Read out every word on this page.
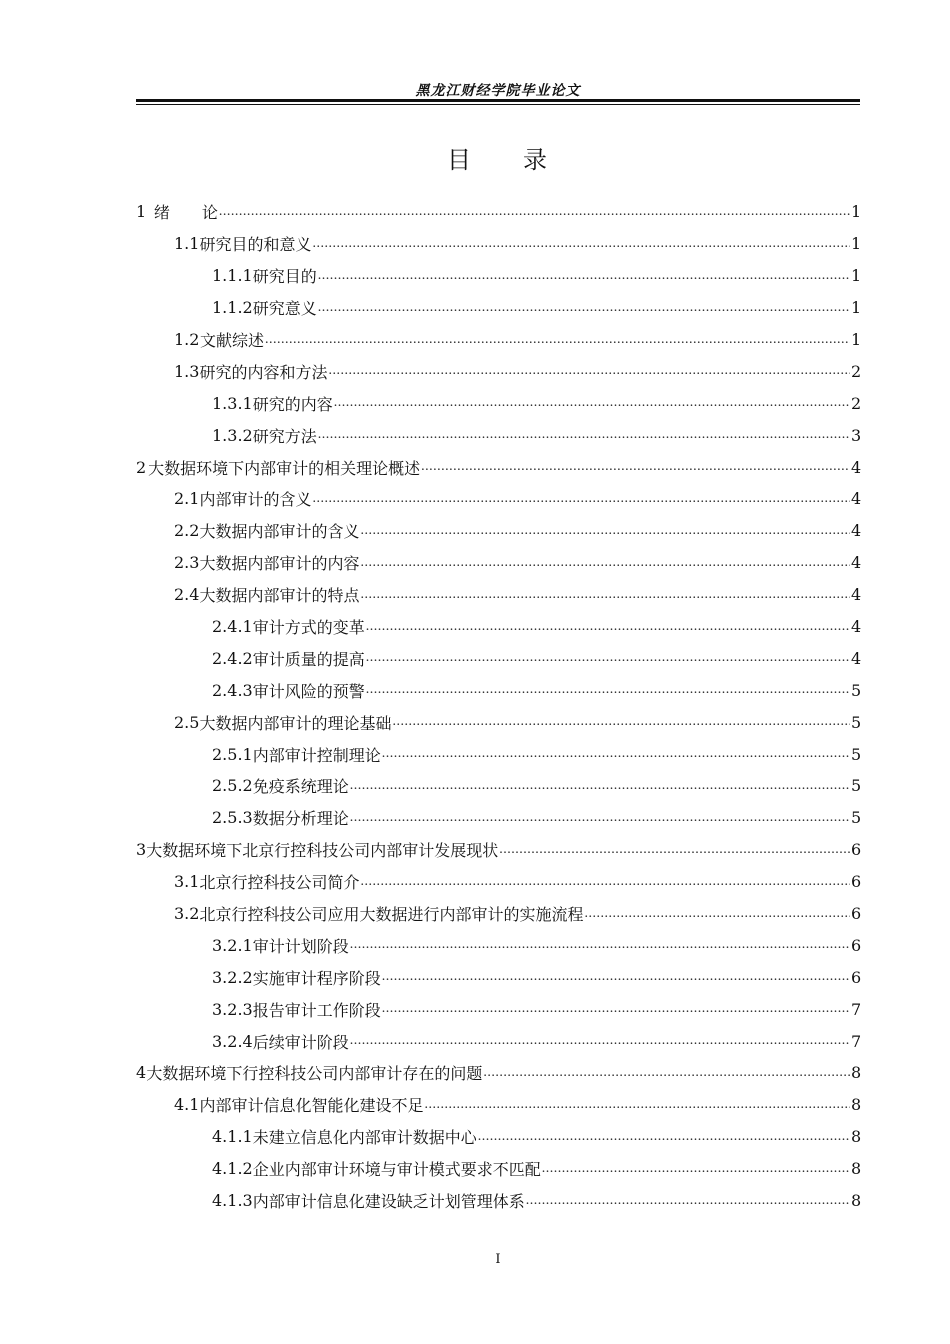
黑龙江财经学院毕业论文
目 录
1 绪　　论 .....	1
1.1 研究目的和意义 .....	1
1.1.1 研究目的 .....	1
1.1.2 研究意义 .....	1
1.2 文献综述 .....	1
1.3 研究的内容和方法 .....	2
1.3.1 研究的内容 .....	2
1.3.2 研究方法 .....	3
2 大数据环境下内部审计的相关理论概述 .....	4
2.1 内部审计的含义 .....	4
2.2 大数据内部审计的含义 .....	4
2.3 大数据内部审计的内容 .....	4
2.4 大数据内部审计的特点 .....	4
2.4.1 审计方式的变革 .....	4
2.4.2 审计质量的提高 .....	4
2.4.3 审计风险的预警 .....	5
2.5 大数据内部审计的理论基础 .....	5
2.5.1 内部审计控制理论 .....	5
2.5.2 免疫系统理论 .....	5
2.5.3 数据分析理论 .....	5
3 大数据环境下北京行控科技公司内部审计发展现状 .....	6
3.1 北京行控科技公司简介 .....	6
3.2 北京行控科技公司应用大数据进行内部审计的实施流程 .....	6
3.2.1 审计计划阶段 .....	6
3.2.2 实施审计程序阶段 .....	6
3.2.3 报告审计工作阶段 .....	7
3.2.4 后续审计阶段 .....	7
4 大数据环境下行控科技公司内部审计存在的问题 .....	8
4.1 内部审计信息化智能化建设不足 .....	8
4.1.1 未建立信息化内部审计数据中心 .....	8
4.1.2 企业内部审计环境与审计模式要求不匹配 .....	8
4.1.3 内部审计信息化建设缺乏计划管理体系 .....	8
I
